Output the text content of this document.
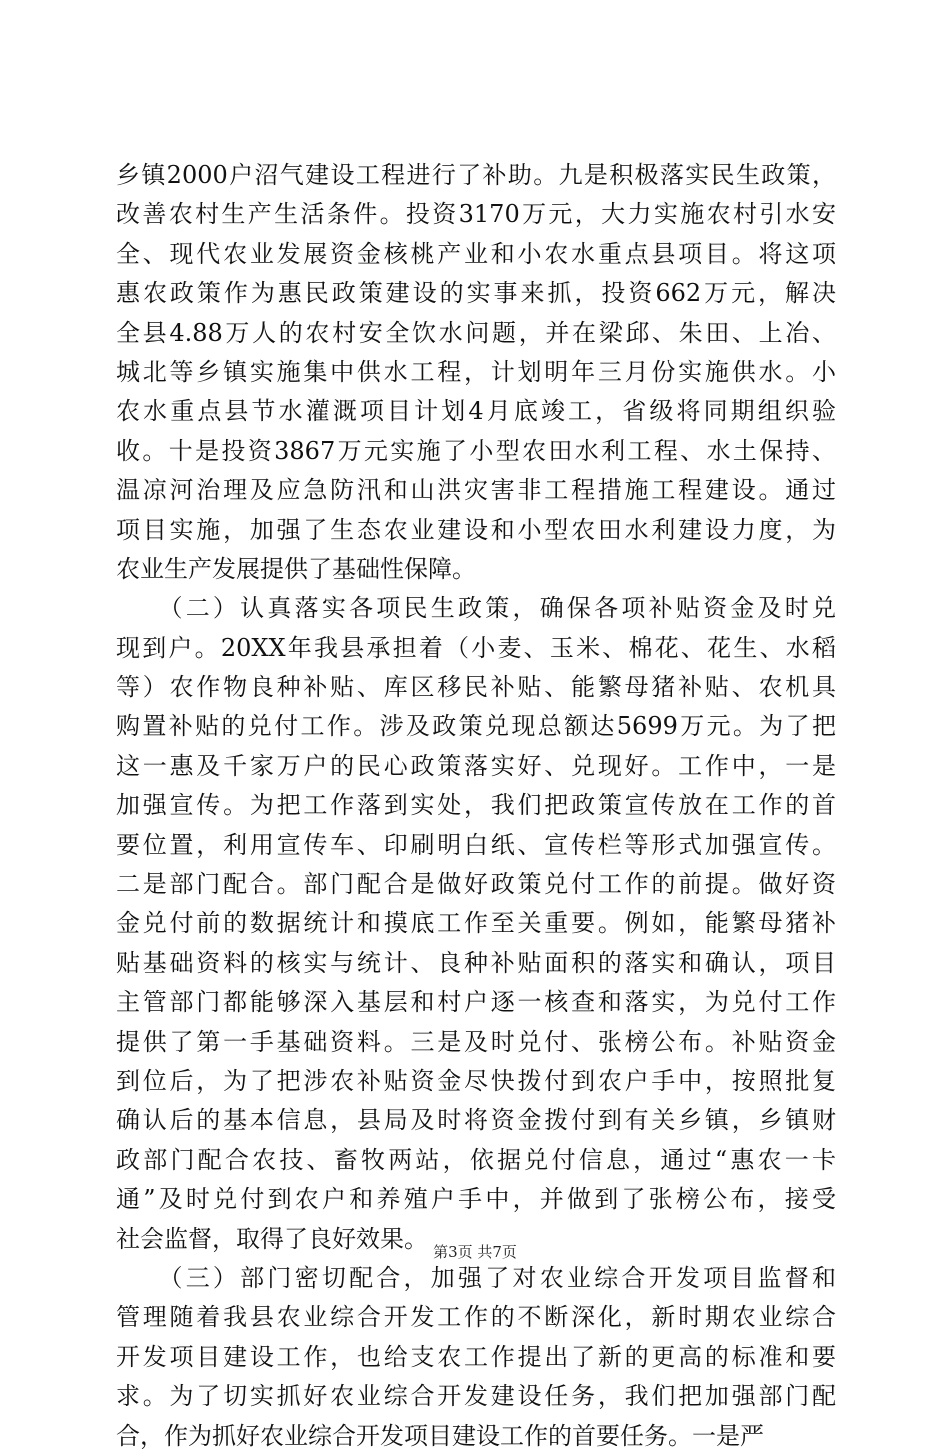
乡镇2000户沼气建设工程进行了补助。九是积极落实民生政策，
改善农村生产生活条件。投资3170万元，大力实施农村引水安
全、现代农业发展资金核桃产业和小农水重点县项目。将这项
惠农政策作为惠民政策建设的实事来抓，投资662万元，解决
全县4.88万人的农村安全饮水问题，并在梁邱、朱田、上冶、
城北等乡镇实施集中供水工程，计划明年三月份实施供水。小
农水重点县节水灌溉项目计划4月底竣工，省级将同期组织验
收。十是投资3867万元实施了小型农田水利工程、水土保持、
温凉河治理及应急防汛和山洪灾害非工程措施工程建设。通过
项目实施，加强了生态农业建设和小型农田水利建设力度，为
农业生产发展提供了基础性保障。
　　（二）认真落实各项民生政策，确保各项补贴资金及时兑
现到户。20XX年我县承担着（小麦、玉米、棉花、花生、水稻
等）农作物良种补贴、库区移民补贴、能繁母猪补贴、农机具
购置补贴的兑付工作。涉及政策兑现总额达5699万元。为了把
这一惠及千家万户的民心政策落实好、兑现好。工作中，一是
加强宣传。为把工作落到实处，我们把政策宣传放在工作的首
要位置，利用宣传车、印刷明白纸、宣传栏等形式加强宣传。
二是部门配合。部门配合是做好政策兑付工作的前提。做好资
金兑付前的数据统计和摸底工作至关重要。例如，能繁母猪补
贴基础资料的核实与统计、良种补贴面积的落实和确认，项目
主管部门都能够深入基层和村户逐一核查和落实，为兑付工作
提供了第一手基础资料。三是及时兑付、张榜公布。补贴资金
到位后，为了把涉农补贴资金尽快拨付到农户手中，按照批复
确认后的基本信息，县局及时将资金拨付到有关乡镇，乡镇财
政部门配合农技、畜牧两站，依据兑付信息，通过“惠农一卡
通”及时兑付到农户和养殖户手中，并做到了张榜公布，接受
社会监督，取得了良好效果。
　　（三）部门密切配合，加强了对农业综合开发项目监督和
管理随着我县农业综合开发工作的不断深化，新时期农业综合
开发项目建设工作，也给支农工作提出了新的更高的标准和要
求。为了切实抓好农业综合开发建设任务，我们把加强部门配
合，作为抓好农业综合开发项目建设工作的首要任务。一是严
第3页 共7页
